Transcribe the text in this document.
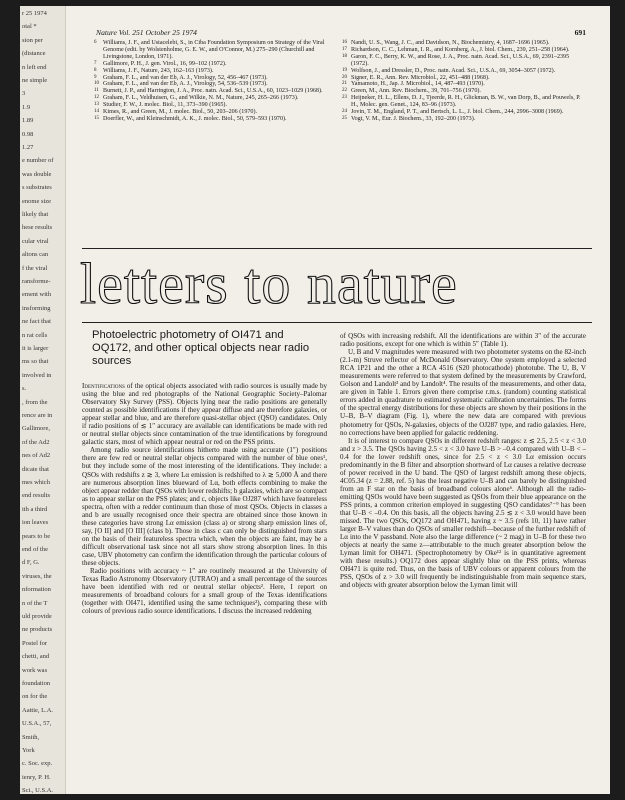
r 25 1974
otal *
sion per
(distance
n left end
ne simple
3
1.9
1.89
0.98
1.27
e number of
was double
s substrates
enome size
likely that
hese results
cular viral
altons can
f the viral
ransforme-
ement with
insforming
ne fact that
n rat cells
it is larger
ms so that
involved in
s.
, from the
rence are in
Gallimore,
of the Ad2
nes of Ad2
dicate that
mes which
end results
ith a third
ion leaves
pears to be
end of the
d F, G.
viruses, the
nformation
n of the T
uld provide
ne products
Postel for
chetti, and
work was
foundation
on for the
Aattie, L.A.
U.S.A., 57,
Smith,
York
c. Soc. exp.
ienry, P. H.
Sci., U.S.A.
Nature Vol. 251 October 25 1974	691

6 Williams, J. F., and Ustacelebi, S., in Ciba Foundation Symposium on Strategy of the Viral Genome (edit. by Wolstenholme, G. E. W., and O'Connor, M.) 275–290 (Churchill and Livingstone, London, 1971).

7 Gallimore, P. H., J. gen. Virol., 16, 99–102 (1972).

8 Williams, J. F., Nature, 243, 162–163 (1973).

9 Graham, F. L., and van der Eb, A. J., Virology, 52, 456–467 (1973).

10 Graham, F. L., and van der Eb, A. J., Virology, 54, 536–539 (1973).

11 Burnett, J. P., and Harrington, J. A., Proc. natn. Acad. Sci., U.S.A., 60, 1023–1029 (1968).

12 Graham, F. L., Veldhuisen, G., and Wilkie, N. M., Nature, 245, 265–266 (1973).

13 Studier, F. W., J. molec. Biol., 11, 373–390 (1965).

14 Kimes, R., and Green, M., J. molec. Biol., 50, 203–206 (1970).

15 Doerfler, W., and Kleinschmidt, A. K., J. molec. Biol., 50, 579–593 (1970).

16 Nandi, U. S., Wang, J. C., and Davidson, N., Biochemistry, 4, 1687–1696 (1965).

17 Richardson, C. C., Lehman, I. R., and Kornberg, A., J. biol. Chem., 239, 251–258 (1964).

18 Garon, F. C., Berry, K. W., and Rose, J. A., Proc. natn. Acad. Sci., U.S.A., 69, 2391–2395 (1972).

19 Wolfson, J., and Dressler, D., Proc. natn. Acad. Sci., U.S.A., 69, 3054–3057 (1972).

20 Signer, E. R., Ann. Rev. Microbiol., 22, 451–488 (1968).

21 Yamamoto, H., Jap. J. Microbiol., 14, 487–493 (1970).

22 Green, M., Ann. Rev. Biochem., 39, 701–756 (1970).

23 Heijneker, H. L., Ellens, D. J., Tjeerde, R. H., Glickman, B. W., van Dorp, B., and Pouwels, P. H., Molec. gen. Genet., 124, 83–96 (1973).

24 Jovin, T. M., England, P. T., and Bertsch, L. L., J. biol. Chem., 244, 2996–3008 (1969).

25 Vogt, V. M., Eur. J. Biochem., 33, 192–200 (1973).

letters to nature
Photoelectric photometry of OI471 and OQ172, and other optical objects near radio sources

Identifications of the optical objects associated with radio sources is usually made by using the blue and red photographs of the National Geographic Society–Palomar Observatory Sky Survey (PSS). Objects lying near the radio positions are generally counted as possible identifications if they appear diffuse and are therefore galaxies, or appear stellar and blue, and are therefore quasi-stellar object (QSO) candidates. Only if radio positions of ≲ 1″ accuracy are available can identifications be made with red or neutral stellar objects since contamination of the true identifications by foreground galactic stars, most of which appear neutral or red on the PSS prints.

Among radio source identifications hitherto made using accurate (1″) positions there are few red or neutral stellar objects compared with the number of blue ones¹, but they include some of the most interesting of the identifications. They include: a QSOs with redshifts z ≳ 3, where Lα emission is redshifted to λ ≳ 5,000 Å and there are numerous absorption lines blueward of Lα, both effects combining to make the object appear redder than QSOs with lower redshifts; b galaxies, which are so compact as to appear stellar on the PSS plates; and c, objects like OJ287 which have featureless spectra, often with a redder continuum than those of most QSOs. Objects in classes a and b are usually recognised once their spectra are obtained since those known in these categories have strong Lα emission (class a) or strong sharp emission lines of, say, [O II] and [O III] (class b). Those in class c can only be distinguished from stars on the basis of their featureless spectra which, when the objects are faint, may be a difficult observational task since not all stars show strong absorption lines. In this case, UBV photometry can confirm the identification through the particular colours of these objects.

Radio positions with accuracy ~ 1″ are routinely measured at the University of Texas Radio Astronomy Observatory (UTRAO) and a small percentage of the sources have been identified with red or neutral stellar objects². Here, I report on measurements of broadband colours for a small group of the Texas identifications (together with OI471, identified using the same techniques²), comparing these with colours of previous radio source identifications. I discuss the increased reddening

of QSOs with increasing redshift. All the identifications are within 3″ of the accurate radio positions, except for one which is within 5″ (Table 1).

U, B and V magnitudes were measured with two photometer systems on the 82-inch (2.1-m) Struve reflector of McDonald Observatory. One system employed a selected RCA 1P21 and the other a RCA 4516 (S20 photocathode) phototube. The U, B, V measurements were referred to that system defined by the measurements by Crawford, Golson and Landolt³ and by Landolt⁴. The results of the measurements, and other data, are given in Table 1. Errors given there comprise r.m.s. (random) counting statistical errors added in quadrature to estimated systematic calibration uncertainties. The forms of the spectral energy distributions for these objects are shown by their positions in the U–B, B–V diagram (Fig. 1), where the new data are compared with previous photometry for QSOs, N-galaxies, objects of the OJ287 type, and radio galaxies. Here, no corrections have been applied for galactic reddening.

It is of interest to compare QSOs in different redshift ranges: z ≲ 2.5, 2.5 < z < 3.0 and z > 3.5. The QSOs having 2.5 < z < 3.0 have U–B > –0.4 compared with U–B < –0.4 for the lower redshift ones, since for 2.5 < z < 3.0 Lα emission occurs predominantly in the B filter and absorption shortward of Lα causes a relative decrease of power received in the U band. The QSO of largest redshift among these objects, 4C05.34 (z = 2.88, ref. 5) has the least negative U–B and can barely be distinguished from an F star on the basis of broadband colours alone⁶. Although all the radio-emitting QSOs would have been suggested as QSOs from their blue appearance on the PSS prints, a common criterion employed in suggesting QSO candidates⁷⁻⁹ has been that U–B < –0.4. On this basis, all the objects having 2.5 ≲ z < 3.0 would have been missed. The two QSOs, OQ172 and OH471, having z ~ 3.5 (refs 10, 11) have rather larger B–V values than do QSOs of smaller redshift—because of the further redshift of Lα into the V passband. Note also the large difference (~ 2 mag) in U–B for these two objects at nearly the same z—attributable to the much greater absorption below the Lyman limit for OH471. (Spectrophotometry by Oke¹² is in quantitative agreement with these results.) OQ172 does appear slightly blue on the PSS prints, whereas OH471 is quite red. Thus, on the basis of UBV colours or apparent colours from the PSS, QSOs of z > 3.0 will frequently be indistinguishable from main sequence stars, and objects with greater absorption below the Lyman limit will
